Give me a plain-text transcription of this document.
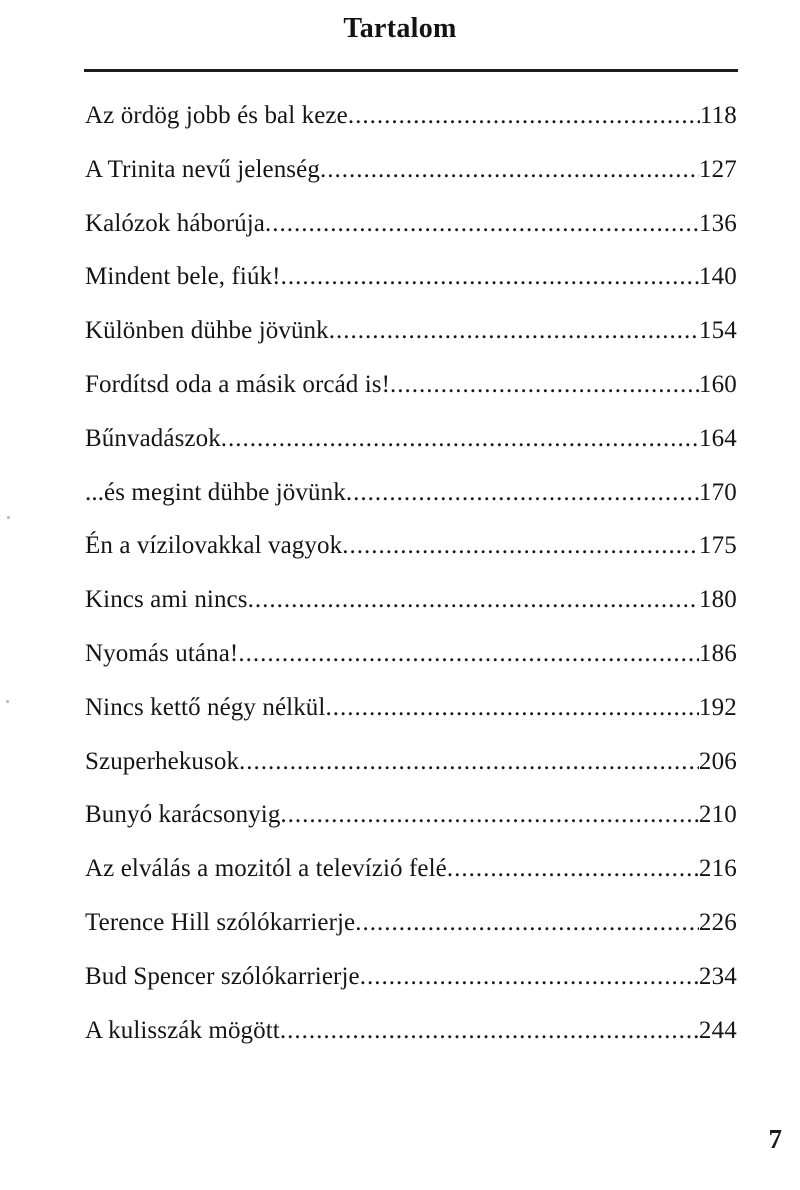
Tartalom
Az ördög jobb és bal keze .....	118
A Trinita nevű jelenség .....	127
Kalózok háborúja .....	136
Mindent bele, fiúk! .....	140
Különben dühbe jövünk .....	154
Fordítsd oda a másik orcád is! .....	160
Bűnvadászok .....	164
...és megint dühbe jövünk .....	170
Én a vízilovakkal vagyok .....	175
Kincs ami nincs .....	180
Nyomás utána! .....	186
Nincs kettő négy nélkül .....	192
Szuperhekusok .....	206
Bunyó karácsonyig .....	210
Az elválás a mozitól a televízió felé .....	216
Terence Hill szólókarrierje .....	226
Bud Spencer szólókarrierje .....	234
A kulisszák mögött .....	244
7
